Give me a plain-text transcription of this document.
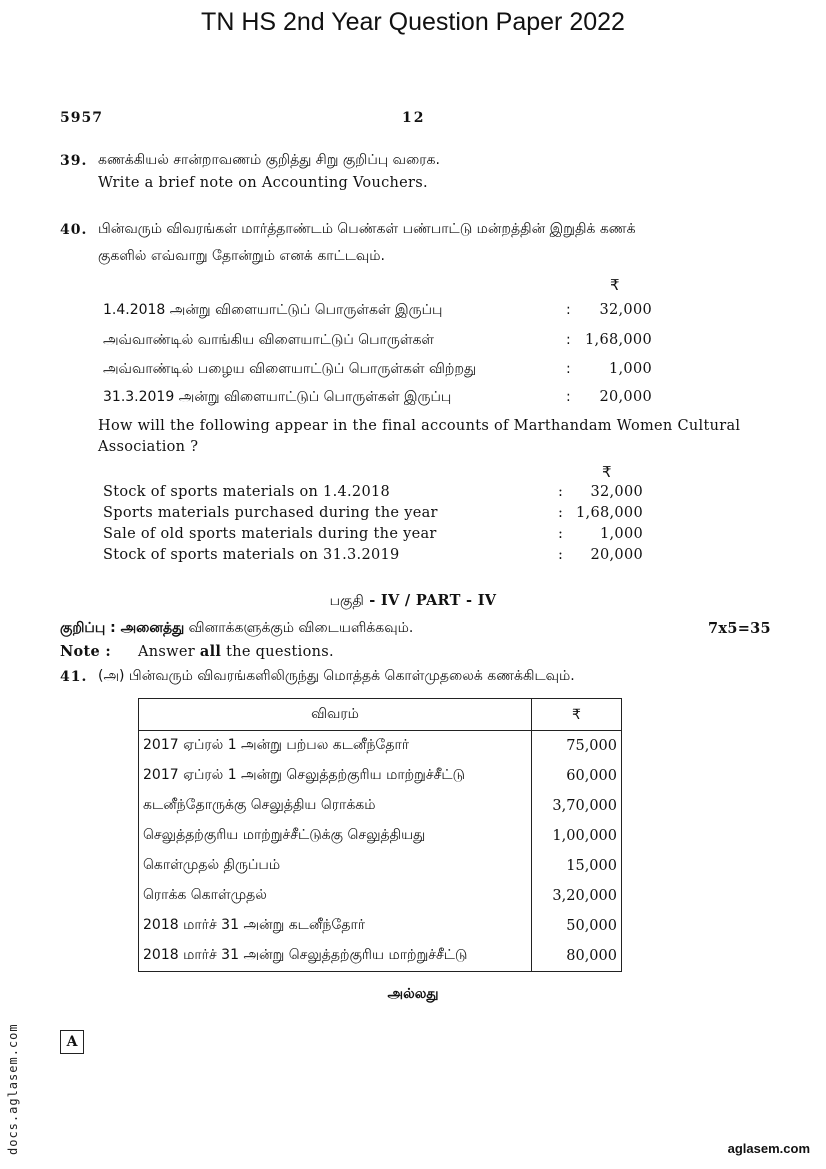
TN HS 2nd Year Question Paper 2022
5957	12
39. கணக்கியல் சான்றாவணம் குறித்து சிறு குறிப்பு வரைக.
Write a brief note on Accounting Vouchers.
40. பின்வரும் விவரங்கள் மார்த்தாண்டம் பெண்கள் பண்பாட்டு மன்றத்தின் இறுதிக் கணக்
குகளில் எவ்வாறு தோன்றும் எனக் காட்டவும்.
₹
1.4.2018 அன்று விளையாட்டுப் பொருள்கள் இருப்பு	:	32,000
அவ்வாண்டில் வாங்கிய விளையாட்டுப் பொருள்கள்	: 1,68,000
அவ்வாண்டில் பழைய விளையாட்டுப் பொருள்கள் விற்றது	:	1,000
31.3.2019 அன்று விளையாட்டுப் பொருள்கள் இருப்பு	:	20,000
How will the following appear in the final accounts of Marthandam Women Cultural
Association ?
₹
Stock of sports materials on 1.4.2018	:	32,000
Sports materials purchased during the year	: 1,68,000
Sale of old sports materials during the year	:	1,000
Stock of sports materials on 31.3.2019	:	20,000
பகுதி - IV / PART - IV
குறிப்பு : அனைத்து வினாக்களுக்கும் விடையளிக்கவும்.	7x5=35
Note : Answer all the questions.
41. (அ) பின்வரும் விவரங்களிலிருந்து மொத்தக் கொள்முதலைக் கணக்கிடவும்.
விவரம்	₹
2017 ஏப்ரல் 1 அன்று பற்பல கடனீந்தோர்	75,000
2017 ஏப்ரல் 1 அன்று செலுத்தற்குரிய மாற்றுச்சீட்டு	60,000
கடனீந்தோருக்கு செலுத்திய ரொக்கம்	3,70,000
செலுத்தற்குரிய மாற்றுச்சீட்டுக்கு செலுத்தியது	1,00,000
கொள்முதல் திருப்பம்	15,000
ரொக்க கொள்முதல்	3,20,000
2018 மார்ச் 31 அன்று கடனீந்தோர்	50,000
2018 மார்ச் 31 அன்று செலுத்தற்குரிய மாற்றுச்சீட்டு	80,000
அல்லது
A
docs.aglasem.com	aglasem.com
